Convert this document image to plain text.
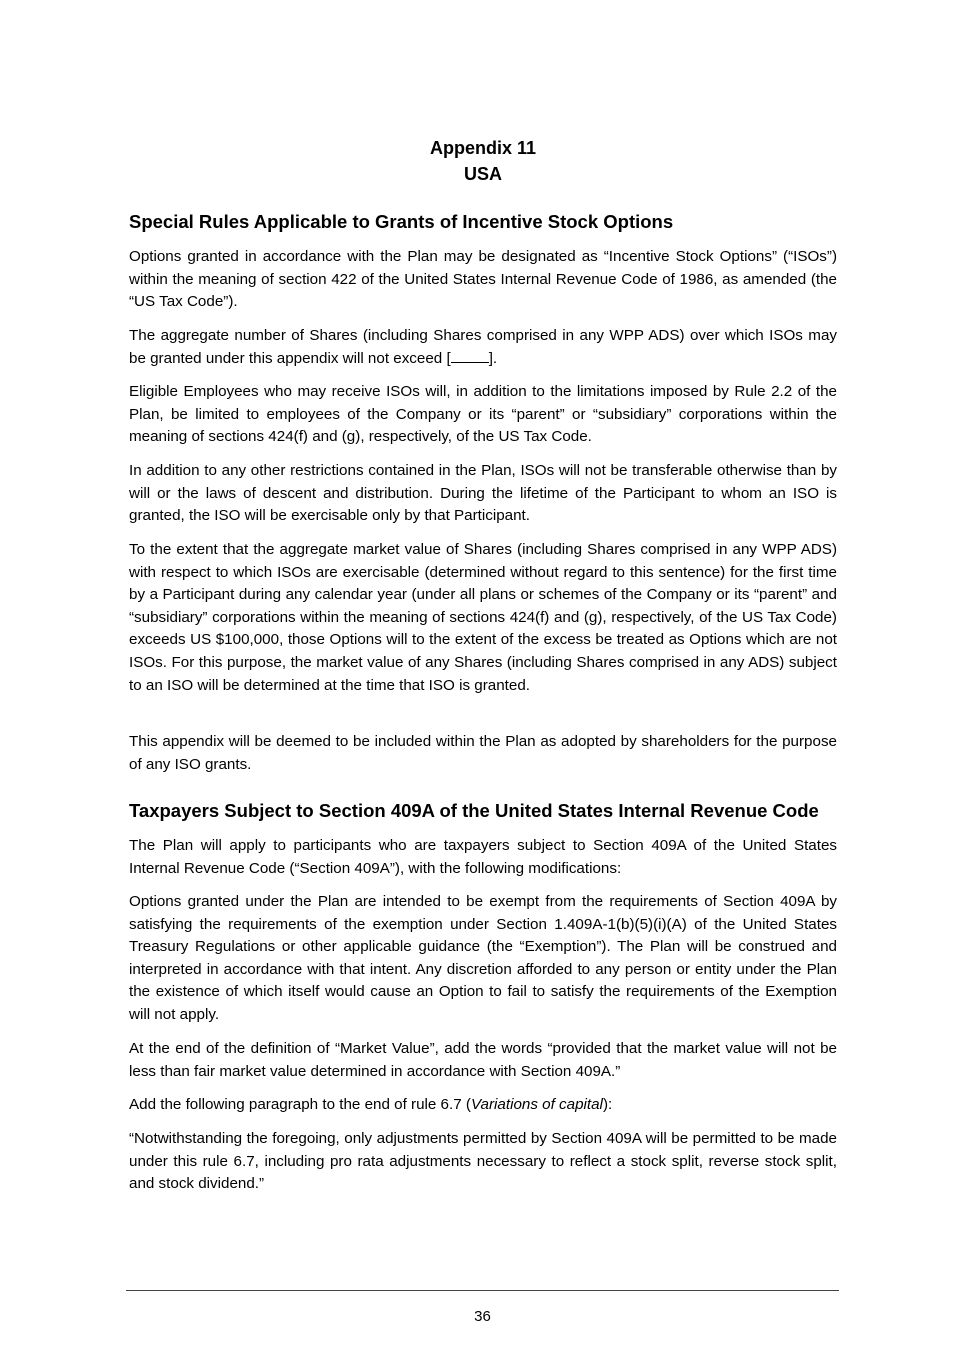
Appendix 11

USA

Special Rules Applicable to Grants of Incentive Stock Options

Options granted in accordance with the Plan may be designated as “Incentive Stock Options” (“ISOs”) within the meaning of section 422 of the United States Internal Revenue Code of 1986, as amended (the “US Tax Code”).

The aggregate number of Shares (including Shares comprised in any WPP ADS) over which ISOs may be granted under this appendix will not exceed [	].

Eligible Employees who may receive ISOs will, in addition to the limitations imposed by Rule 2.2 of the Plan, be limited to employees of the Company or its “parent” or “subsidiary” corporations within the meaning of sections 424(f) and (g), respectively, of the US Tax Code.

In addition to any other restrictions contained in the Plan, ISOs will not be transferable otherwise than by will or the laws of descent and distribution. During the lifetime of the Participant to whom an ISO is granted, the ISO will be exercisable only by that Participant.

To the extent that the aggregate market value of Shares (including Shares comprised in any WPP ADS) with respect to which ISOs are exercisable (determined without regard to this sentence) for the first time by a Participant during any calendar year (under all plans or schemes of the Company or its “parent” and “subsidiary” corporations within the meaning of sections 424(f) and (g), respectively, of the US Tax Code) exceeds US $100,000, those Options will to the extent of the excess be treated as Options which are not ISOs. For this purpose, the market value of any Shares (including Shares comprised in any ADS) subject to an ISO will be determined at the time that ISO is granted.

This appendix will be deemed to be included within the Plan as adopted by shareholders for the purpose of any ISO grants.

Taxpayers Subject to Section 409A of the United States Internal Revenue Code

The Plan will apply to participants who are taxpayers subject to Section 409A of the United States Internal Revenue Code (“Section 409A”), with the following modifications:

Options granted under the Plan are intended to be exempt from the requirements of Section 409A by satisfying the requirements of the exemption under Section 1.409A-1(b)(5)(i)(A) of the United States Treasury Regulations or other applicable guidance (the “Exemption”). The Plan will be construed and interpreted in accordance with that intent. Any discretion afforded to any person or entity under the Plan the existence of which itself would cause an Option to fail to satisfy the requirements of the Exemption will not apply.

At the end of the definition of “Market Value”, add the words “provided that the market value will not be less than fair market value determined in accordance with Section 409A.”

Add the following paragraph to the end of rule 6.7 (Variations of capital):

“Notwithstanding the foregoing, only adjustments permitted by Section 409A will be permitted to be made under this rule 6.7, including pro rata adjustments necessary to reflect a stock split, reverse stock split, and stock dividend.”

36
